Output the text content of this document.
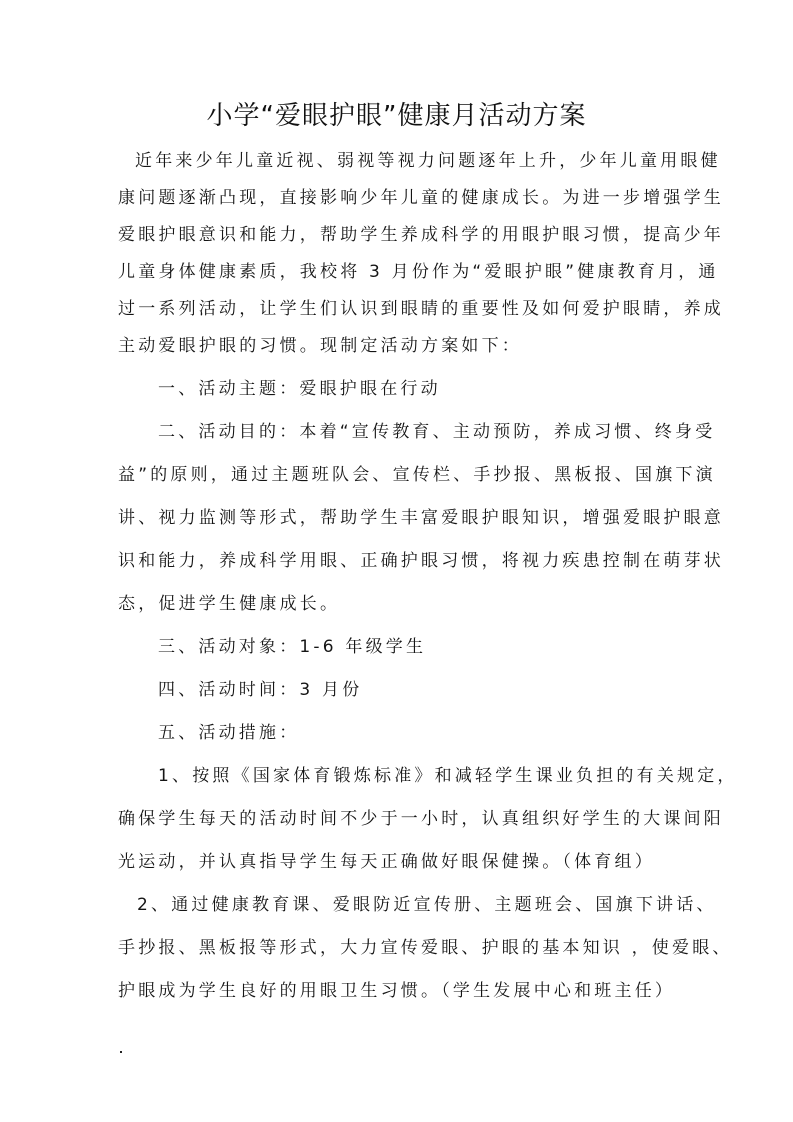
小学“爱眼护眼”健康月活动方案
近年来少年儿童近视、弱视等视力问题逐年上升，少年儿童用眼健
康问题逐渐凸现，直接影响少年儿童的健康成长。为进一步增强学生
爱眼护眼意识和能力，帮助学生养成科学的用眼护眼习惯，提高少年
儿童身体健康素质，我校将 3 月份作为“爱眼护眼”健康教育月，通
过一系列活动，让学生们认识到眼睛的重要性及如何爱护眼睛，养成
主动爱眼护眼的习惯。现制定活动方案如下：
一、活动主题：爱眼护眼在行动
二、活动目的：本着“宣传教育、主动预防，养成习惯、终身受
益”的原则，通过主题班队会、宣传栏、手抄报、黑板报、国旗下演
讲、视力监测等形式，帮助学生丰富爱眼护眼知识，增强爱眼护眼意
识和能力，养成科学用眼、正确护眼习惯，将视力疾患控制在萌芽状
态，促进学生健康成长。
三、活动对象：1-6 年级学生
四、活动时间：3 月份
五、活动措施：
1、按照《国家体育锻炼标准》和减轻学生课业负担的有关规定，
确保学生每天的活动时间不少于一小时，认真组织好学生的大课间阳
光运动，并认真指导学生每天正确做好眼保健操。（体育组）
2、通过健康教育课、爱眼防近宣传册、主题班会、国旗下讲话、
手抄报、黑板报等形式，大力宣传爱眼、护眼的基本知识 ，使爱眼、
护眼成为学生良好的用眼卫生习惯。（学生发展中心和班主任）
